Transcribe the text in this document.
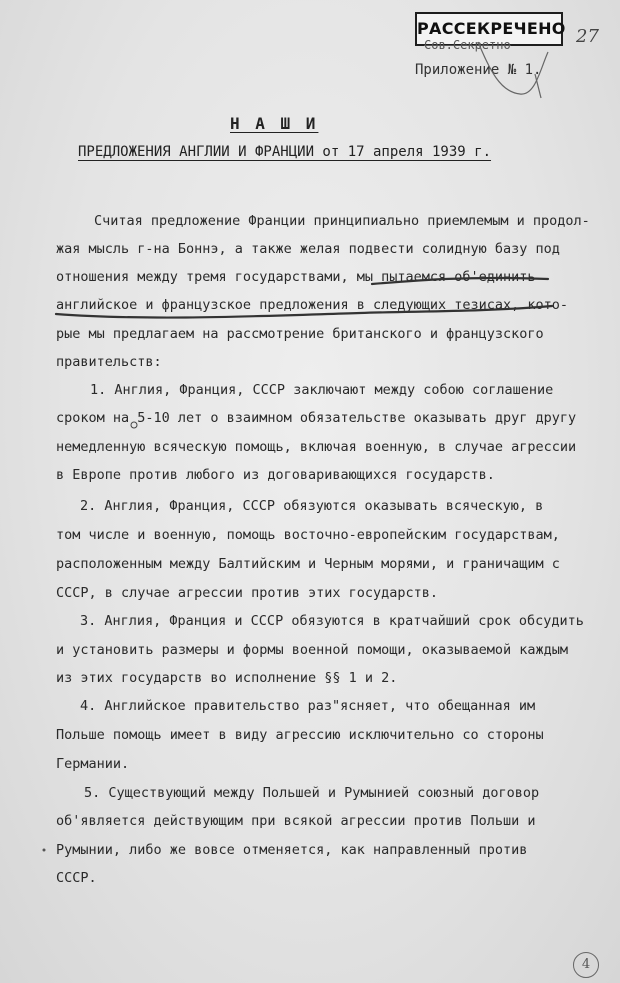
РАССЕКРЕЧЕНО
Сов.Секретно	27
Приложение № 1.
Н А Ш И
ПРЕДЛОЖЕНИЯ АНГЛИИ И ФРАНЦИИ от 17 апреля 1939 г.
Считая предложение Франции принципиально приемлемым и продол-
жая мысль г-на Боннэ, а также желая подвести солидную базу под
отношения между тремя государствами, мы пытаемся об'единить
английское и французское предложения в следующих тезисах, кото-
рые мы предлагаем на рассмотрение британского и французского
правительств:
1. Англия, Франция, СССР заключают между собою соглашение
сроком на 5-10 лет о взаимном обязательстве оказывать друг другу
немедленную всяческую помощь, включая военную, в случае агрессии
в Европе против любого из договаривающихся государств.
2. Англия, Франция, СССР обязуются оказывать всяческую, в
том числе и военную, помощь восточно-европейским государствам,
расположенным между Балтийским и Черным морями, и граничащим с
СССР, в случае агрессии против этих государств.
3. Англия, Франция и СССР обязуются в кратчайший срок обсудить
и установить размеры и формы военной помощи, оказываемой каждым
из этих государств во исполнение §§ 1 и 2.
4. Английское правительство раз"ясняет, что обещанная им
Польше помощь имеет в виду агрессию исключительно со стороны
Германии.
5. Существующий между Польшей и Румынией союзный договор
об'является действующим при всякой агрессии против Польши и
Румынии, либо же вовсе отменяется, как направленный против
СССР.
4
